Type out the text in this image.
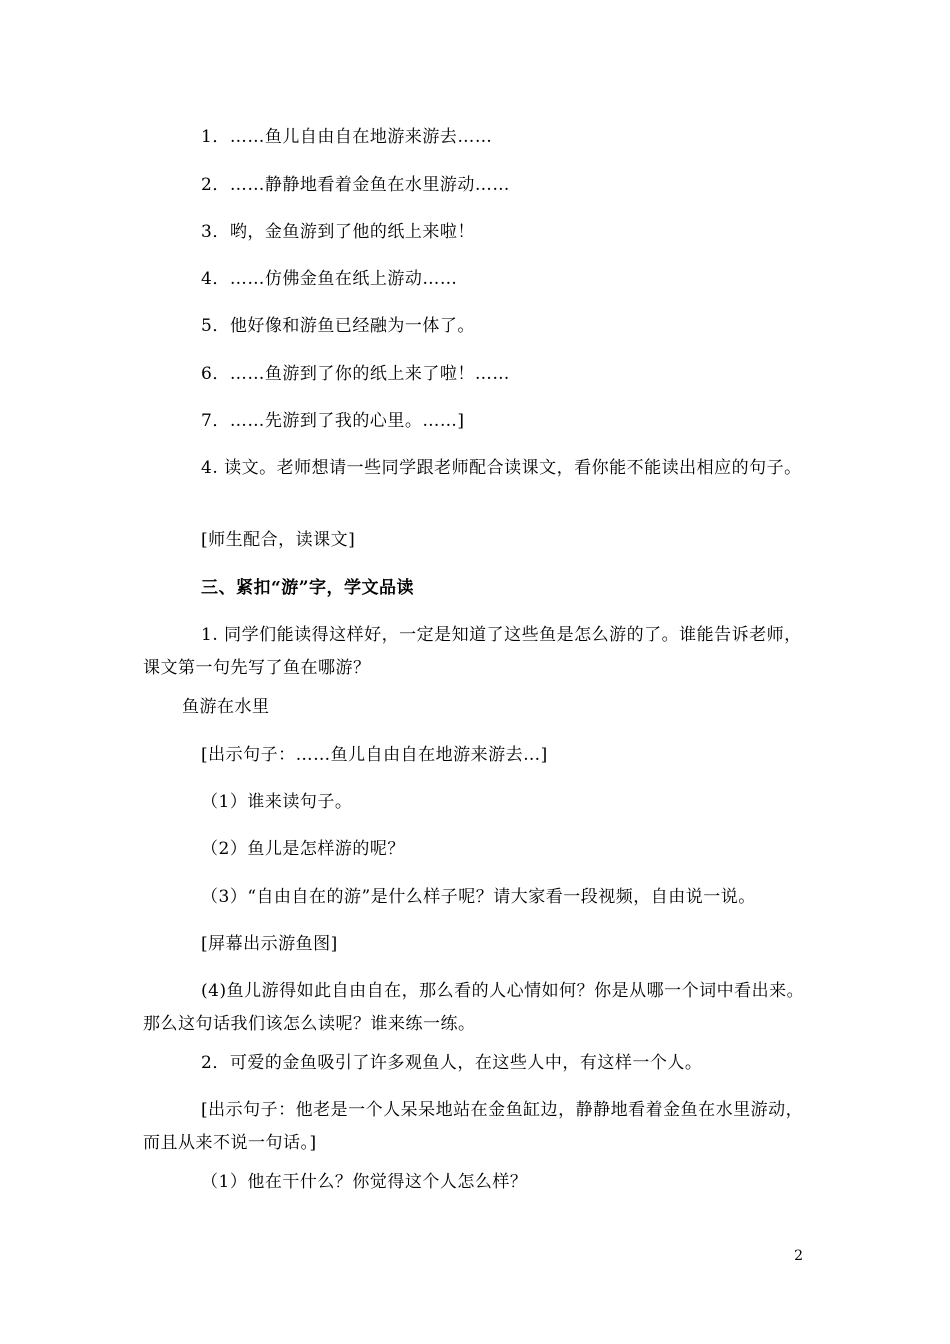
1．……鱼儿自由自在地游来游去……
2．……静静地看着金鱼在水里游动……
3．哟，金鱼游到了他的纸上来啦！
4．……仿佛金鱼在纸上游动……
5．他好像和游鱼已经融为一体了。
6．……鱼游到了你的纸上来了啦！……
7．……先游到了我的心里。……]
4. 读文。老师想请一些同学跟老师配合读课文，看你能不能读出相应的句子。
[师生配合，读课文]
三、紧扣“游”字，学文品读
1. 同学们能读得这样好，一定是知道了这些鱼是怎么游的了。谁能告诉老师，课文第一句先写了鱼在哪游？
鱼游在水里
[出示句子：……鱼儿自由自在地游来游去…]
（1）谁来读句子。
（2）鱼儿是怎样游的呢？
（3）“自由自在的游”是什么样子呢？请大家看一段视频，自由说一说。
[屏幕出示游鱼图]
(4)鱼儿游得如此自由自在，那么看的人心情如何？你是从哪一个词中看出来。那么这句话我们该怎么读呢？谁来练一练。
2．可爱的金鱼吸引了许多观鱼人，在这些人中，有这样一个人。
[出示句子：他老是一个人呆呆地站在金鱼缸边，静静地看着金鱼在水里游动，而且从来不说一句话。]
（1）他在干什么？你觉得这个人怎么样？
2
